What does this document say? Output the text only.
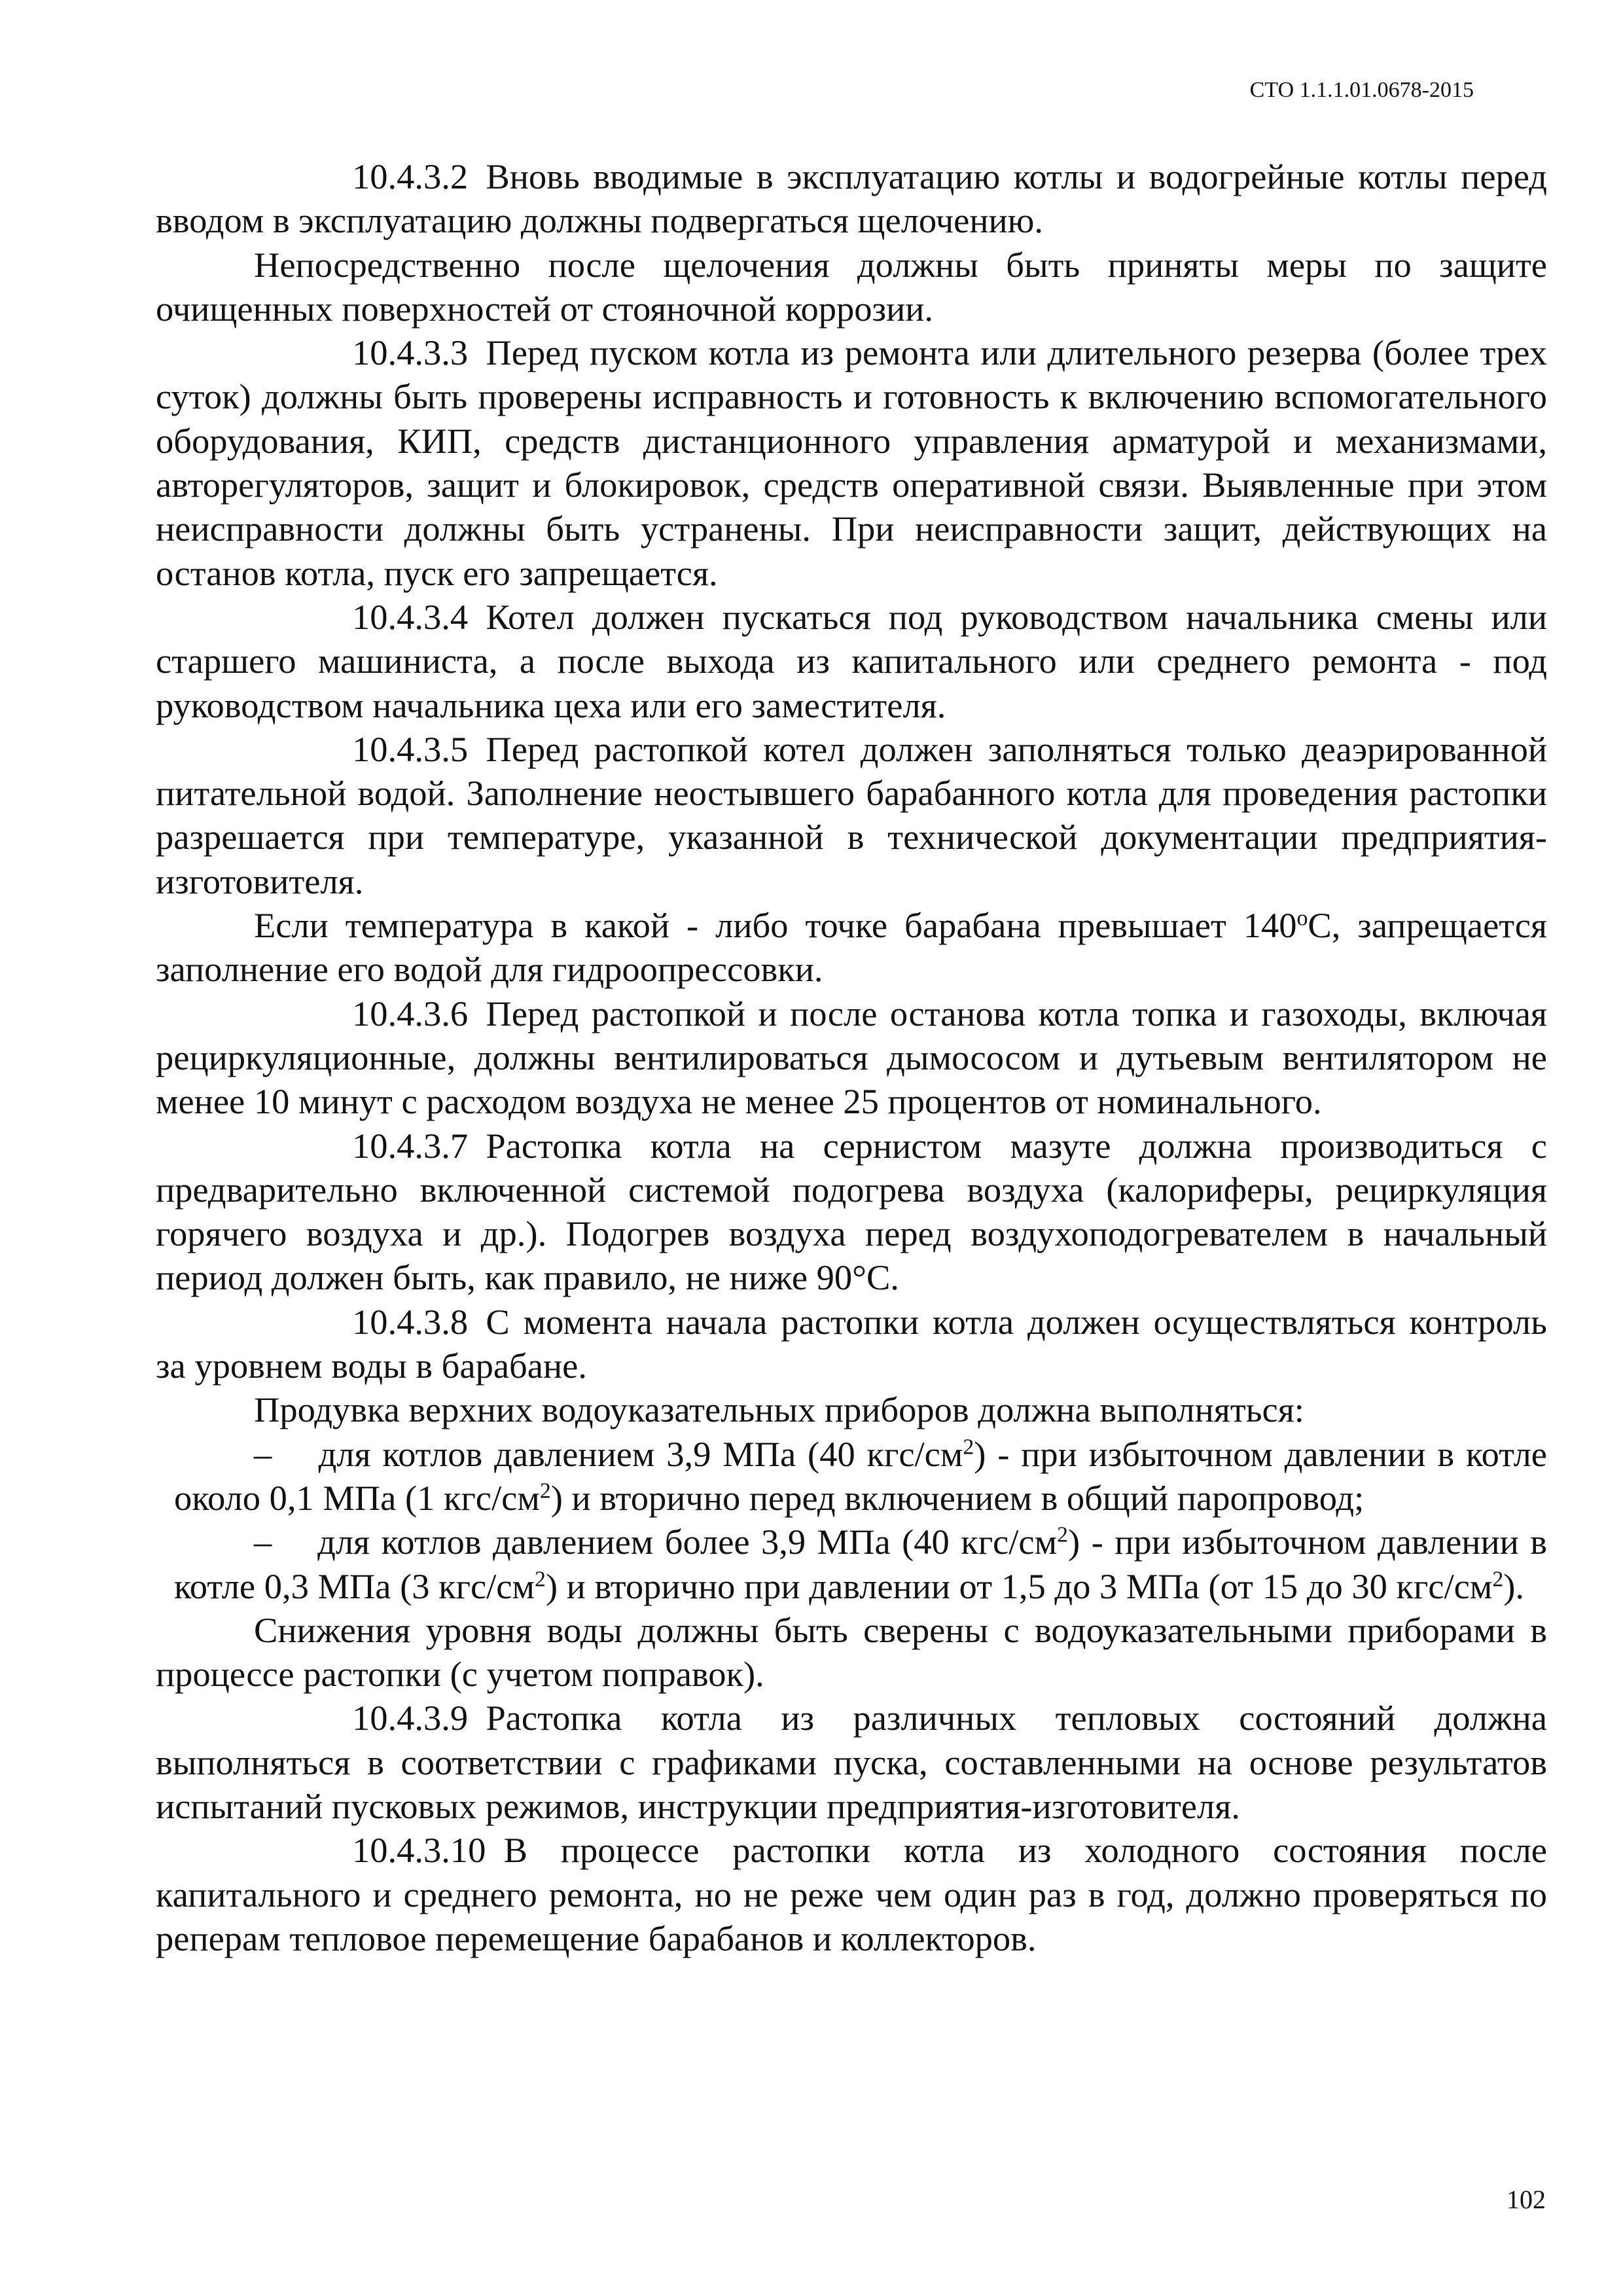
СТО 1.1.1.01.0678-2015

10.4.3.2 Вновь вводимые в эксплуатацию котлы и водогрейные котлы перед вводом в эксплуатацию должны подвергаться щелочению.

Непосредственно после щелочения должны быть приняты меры по защите очищенных поверхностей от стояночной коррозии.

10.4.3.3 Перед пуском котла из ремонта или длительного резерва (более трех суток) должны быть проверены исправность и готовность к включению вспомогательного оборудования, КИП, средств дистанционного управления арматурой и механизмами, авторегуляторов, защит и блокировок, средств оперативной связи. Выявленные при этом неисправности должны быть устранены. При неисправности защит, действующих на останов котла, пуск его запрещается.

10.4.3.4 Котел должен пускаться под руководством начальника смены или старшего машиниста, а после выхода из капитального или среднего ремонта - под руководством начальника цеха или его заместителя.

10.4.3.5 Перед растопкой котел должен заполняться только деаэрированной питательной водой. Заполнение неостывшего барабанного котла для проведения растопки разрешается при температуре, указанной в технической документации предприятия-изготовителя.

Если температура в какой - либо точке барабана превышает 140$^o$С, запрещается заполнение его водой для гидроопрессовки.

10.4.3.6 Перед растопкой и после останова котла топка и газоходы, включая рециркуляционные, должны вентилироваться дымососом и дутьевым вентилятором не менее 10 минут с расходом воздуха не менее 25 процентов от номинального.

10.4.3.7 Растопка котла на сернистом мазуте должна производиться с предварительно включенной системой подогрева воздуха (калориферы, рециркуляция горячего воздуха и др.). Подогрев воздуха перед воздухоподогревателем в начальный период должен быть, как правило, не ниже 90°С.

10.4.3.8 С момента начала растопки котла должен осуществляться контроль за уровнем воды в барабане.

Продувка верхних водоуказательных приборов должна выполняться:

– для котлов давлением 3,9 МПа (40 кгс/$см^2$) - при избыточном давлении в котле около 0,1 МПа (1 кгс/$см^2$) и вторично перед включением в общий паропровод;

– для котлов давлением более 3,9 МПа (40 кгс/$см^2$) - при избыточном давлении в котле 0,3 МПа (3 кгс/$см^2$) и вторично при давлении от 1,5 до 3 МПа (от 15 до 30 кгс/$см^2$).

Снижения уровня воды должны быть сверены с водоуказательными приборами в процессе растопки (с учетом поправок).

10.4.3.9 Растопка котла из различных тепловых состояний должна выполняться в соответствии с графиками пуска, составленными на основе результатов испытаний пусковых режимов, инструкции предприятия-изготовителя.

10.4.3.10 В процессе растопки котла из холодного состояния после капитального и среднего ремонта, но не реже чем один раз в год, должно проверяться по реперам тепловое перемещение барабанов и коллекторов.

102
